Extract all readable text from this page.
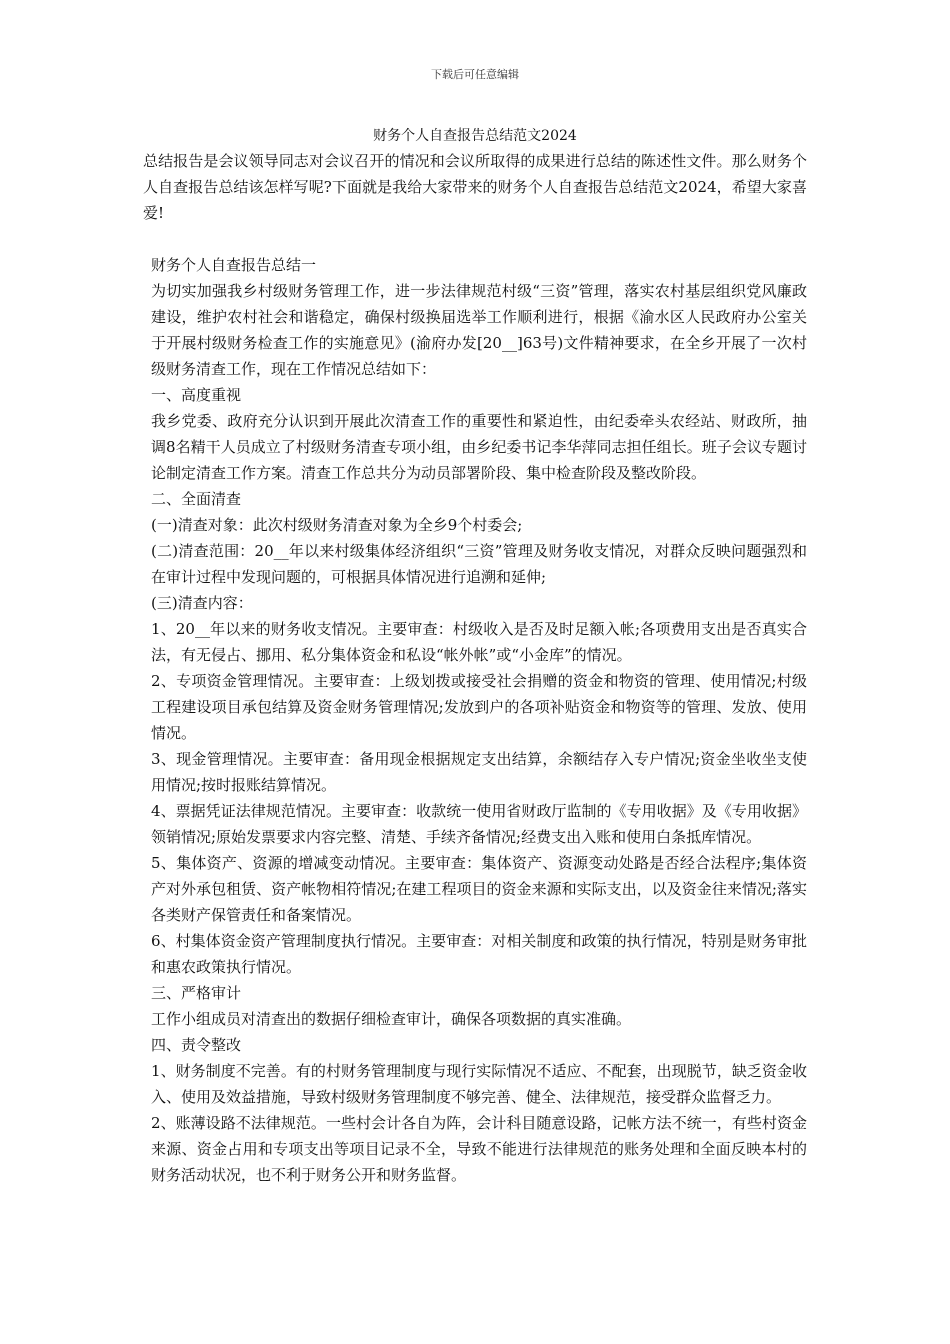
下载后可任意编辑
财务个人自查报告总结范文2024

总结报告是会议领导同志对会议召开的情况和会议所取得的成果进行总结的陈述性文件。那么财务个人自查报告总结该怎样写呢?下面就是我给大家带来的财务个人自查报告总结范文2024，希望大家喜爱!

财务个人自查报告总结一

为切实加强我乡村级财务管理工作，进一步法律规范村级“三资”管理，落实农村基层组织党风廉政建设，维护农村社会和谐稳定，确保村级换届选举工作顺利进行，根据《渝水区人民政府办公室关于开展村级财务检查工作的实施意见》(渝府办发[20__]63号)文件精神要求，在全乡开展了一次村级财务清查工作，现在工作情况总结如下：

一、高度重视

我乡党委、政府充分认识到开展此次清查工作的重要性和紧迫性，由纪委牵头农经站、财政所，抽调8名精干人员成立了村级财务清查专项小组，由乡纪委书记李华萍同志担任组长。班子会议专题讨论制定清查工作方案。清查工作总共分为动员部署阶段、集中检查阶段及整改阶段。

二、全面清查

(一)清查对象：此次村级财务清查对象为全乡9个村委会;

(二)清查范围：20__年以来村级集体经济组织“三资”管理及财务收支情况，对群众反映问题强烈和在审计过程中发现问题的，可根据具体情况进行追溯和延伸;

(三)清查内容：

1、20__年以来的财务收支情况。主要审查：村级收入是否及时足额入帐;各项费用支出是否真实合法，有无侵占、挪用、私分集体资金和私设“帐外帐”或“小金库”的情况。

2、专项资金管理情况。主要审查：上级划拨或接受社会捐赠的资金和物资的管理、使用情况;村级工程建设项目承包结算及资金财务管理情况;发放到户的各项补贴资金和物资等的管理、发放、使用情况。

3、现金管理情况。主要审查：备用现金根据规定支出结算，余额结存入专户情况;资金坐收坐支使用情况;按时报账结算情况。

4、票据凭证法律规范情况。主要审查：收款统一使用省财政厅监制的《专用收据》及《专用收据》领销情况;原始发票要求内容完整、清楚、手续齐备情况;经费支出入账和使用白条抵库情况。

5、集体资产、资源的增减变动情况。主要审查：集体资产、资源变动处路是否经合法程序;集体资产对外承包租赁、资产帐物相符情况;在建工程项目的资金来源和实际支出，以及资金往来情况;落实各类财产保管责任和备案情况。

6、村集体资金资产管理制度执行情况。主要审查：对相关制度和政策的执行情况，特别是财务审批和惠农政策执行情况。

三、严格审计

工作小组成员对清查出的数据仔细检查审计，确保各项数据的真实准确。

四、责令整改

1、财务制度不完善。有的村财务管理制度与现行实际情况不适应、不配套，出现脱节，缺乏资金收入、使用及效益措施，导致村级财务管理制度不够完善、健全、法律规范，接受群众监督乏力。

2、账薄设路不法律规范。一些村会计各自为阵，会计科目随意设路，记帐方法不统一，有些村资金来源、资金占用和专项支出等项目记录不全，导致不能进行法律规范的账务处理和全面反映本村的财务活动状况，也不利于财务公开和财务监督。
